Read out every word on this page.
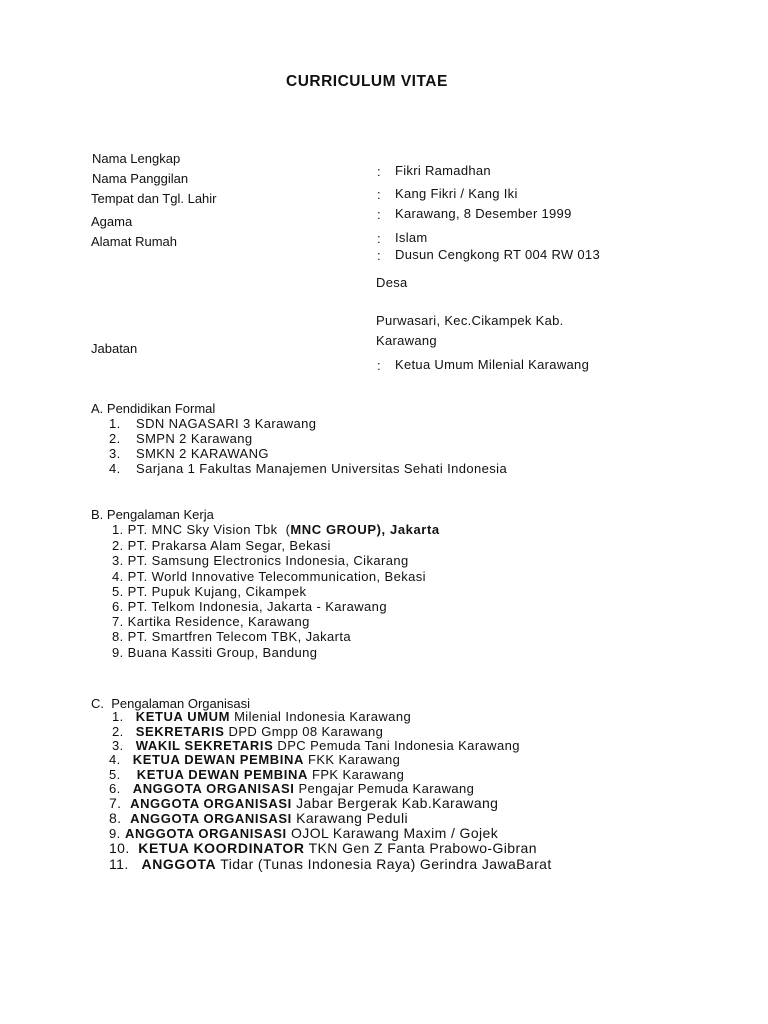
CURRICULUM VITAE
Nama Lengkap
Nama Panggilan
Tempat dan Tgl. Lahir
Agama
Alamat Rumah
Jabatan
:
:
:
:
:
:
Fikri Ramadhan
Kang Fikri / Kang Iki
Karawang, 8 Desember 1999
Islam
Dusun Cengkong RT 004 RW 013
Desa
Purwasari, Kec.Cikampek Kab.
Karawang
Ketua Umum Milenial Karawang
A. Pendidikan Formal
1. SDN NAGASARI 3 Karawang
2. SMPN 2 Karawang
3. SMKN 2 KARAWANG
4. Sarjana 1 Fakultas Manajemen Universitas Sehati Indonesia
B. Pengalaman Kerja
1. PT. MNC Sky Vision Tbk  (MNC GROUP), Jakarta
2. PT. Prakarsa Alam Segar, Bekasi
3. PT. Samsung Electronics Indonesia, Cikarang
4. PT. World Innovative Telecommunication, Bekasi
5. PT. Pupuk Kujang, Cikampek
6. PT. Telkom Indonesia, Jakarta - Karawang
7. Kartika Residence, Karawang
8. PT. Smartfren Telecom TBK, Jakarta
9. Buana Kassiti Group, Bandung
C.  Pengalaman Organisasi
1. KETUA UMUM Milenial Indonesia Karawang
2. SEKRETARIS DPD Gmpp 08 Karawang
3. WAKIL SEKRETARIS DPC Pemuda Tani Indonesia Karawang
4. KETUA DEWAN PEMBINA FKK Karawang
5. KETUA DEWAN PEMBINA FPK Karawang
6. ANGGOTA ORGANISASI Pengajar Pemuda Karawang
7. ANGGOTA ORGANISASI Jabar Bergerak Kab.Karawang
8. ANGGOTA ORGANISASI Karawang Peduli
9. ANGGOTA ORGANISASI OJOL Karawang Maxim / Gojek
10. KETUA KOORDINATOR TKN Gen Z Fanta Prabowo-Gibran
11. ANGGOTA Tidar (Tunas Indonesia Raya) Gerindra JawaBarat
